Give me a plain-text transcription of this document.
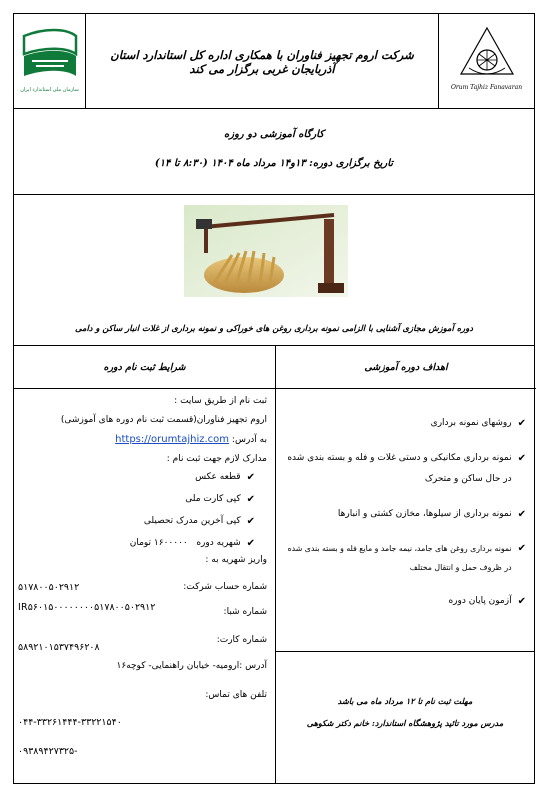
سازمان ملی استاندارد ایران
شرکت اروم تجهیز فناوران با همکاری اداره کل استاندارد استان آذربایجان غربی برگزار می کند
Orum Tajhiz Fanavaran
کارگاه آموزشی دو روزه
تاریخ برگزاری دوره: ۱۳و۱۴ مرداد ماه ۱۴۰۴ (۸:۳۰ تا ۱۴)
دوره آموزش مجازی آشنایی با الزامی نمونه برداری روغن های خوراکی و نمونه برداری از غلات انبار ساکن و دامی
شرایط ثبت نام دوره	اهداف دوره آموزشی
ثبت نام از طریق سایت :
اروم تجهیز فناوران(قسمت ثبت نام دوره های آموزشی)
به آدرس: https://orumtajhiz.com
مدارک لازم جهت ثبت نام :
✔
قطعه عکس
✔
کپی کارت ملی
✔
کپی آخرین مدرک تحصیلی
✔
شهریه دوره

۱۶۰۰۰۰۰ تومان
واریز شهریه به :
شماره حساب شرکت:
۵۱۷۸۰۰۵۰۲۹۱۲
شماره شبا:
IR۵۶۰۱۵۰۰۰۰۰۰۰۰۵۱۷۸۰۰۵۰۲۹۱۲
شماره کارت:
۵۸۹۲۱۰۱۵۳۷۴۹۶۲۰۸
آدرس :ارومیه- خیابان راهنمایی- کوچه۱۶
تلفن های تماس:
۰۴۴-۳۳۲۶۱۴۴۴-۳۳۲۲۱۵۴۰
۰۹۳۸۹۴۲۷۳۲۵-
✔
روشهای نمونه برداری
✔
نمونه برداری مکانیکی و دستی غلات و فله و بسته بندی شده در حال ساکن و متحرک
✔
نمونه برداری از سیلوها، مخازن کشتی و انبارها
✔
نمونه برداری روغن های جامد، نیمه جامد و مایع فله و بسته بندی شده در ظروف حمل و انتقال مختلف
✔
آزمون پایان دوره
مهلت ثبت نام تا ۱۲ مرداد ماه می باشد
مدرس مورد تائید پژوهشگاه استاندارد: خانم دکتر شکوهی
